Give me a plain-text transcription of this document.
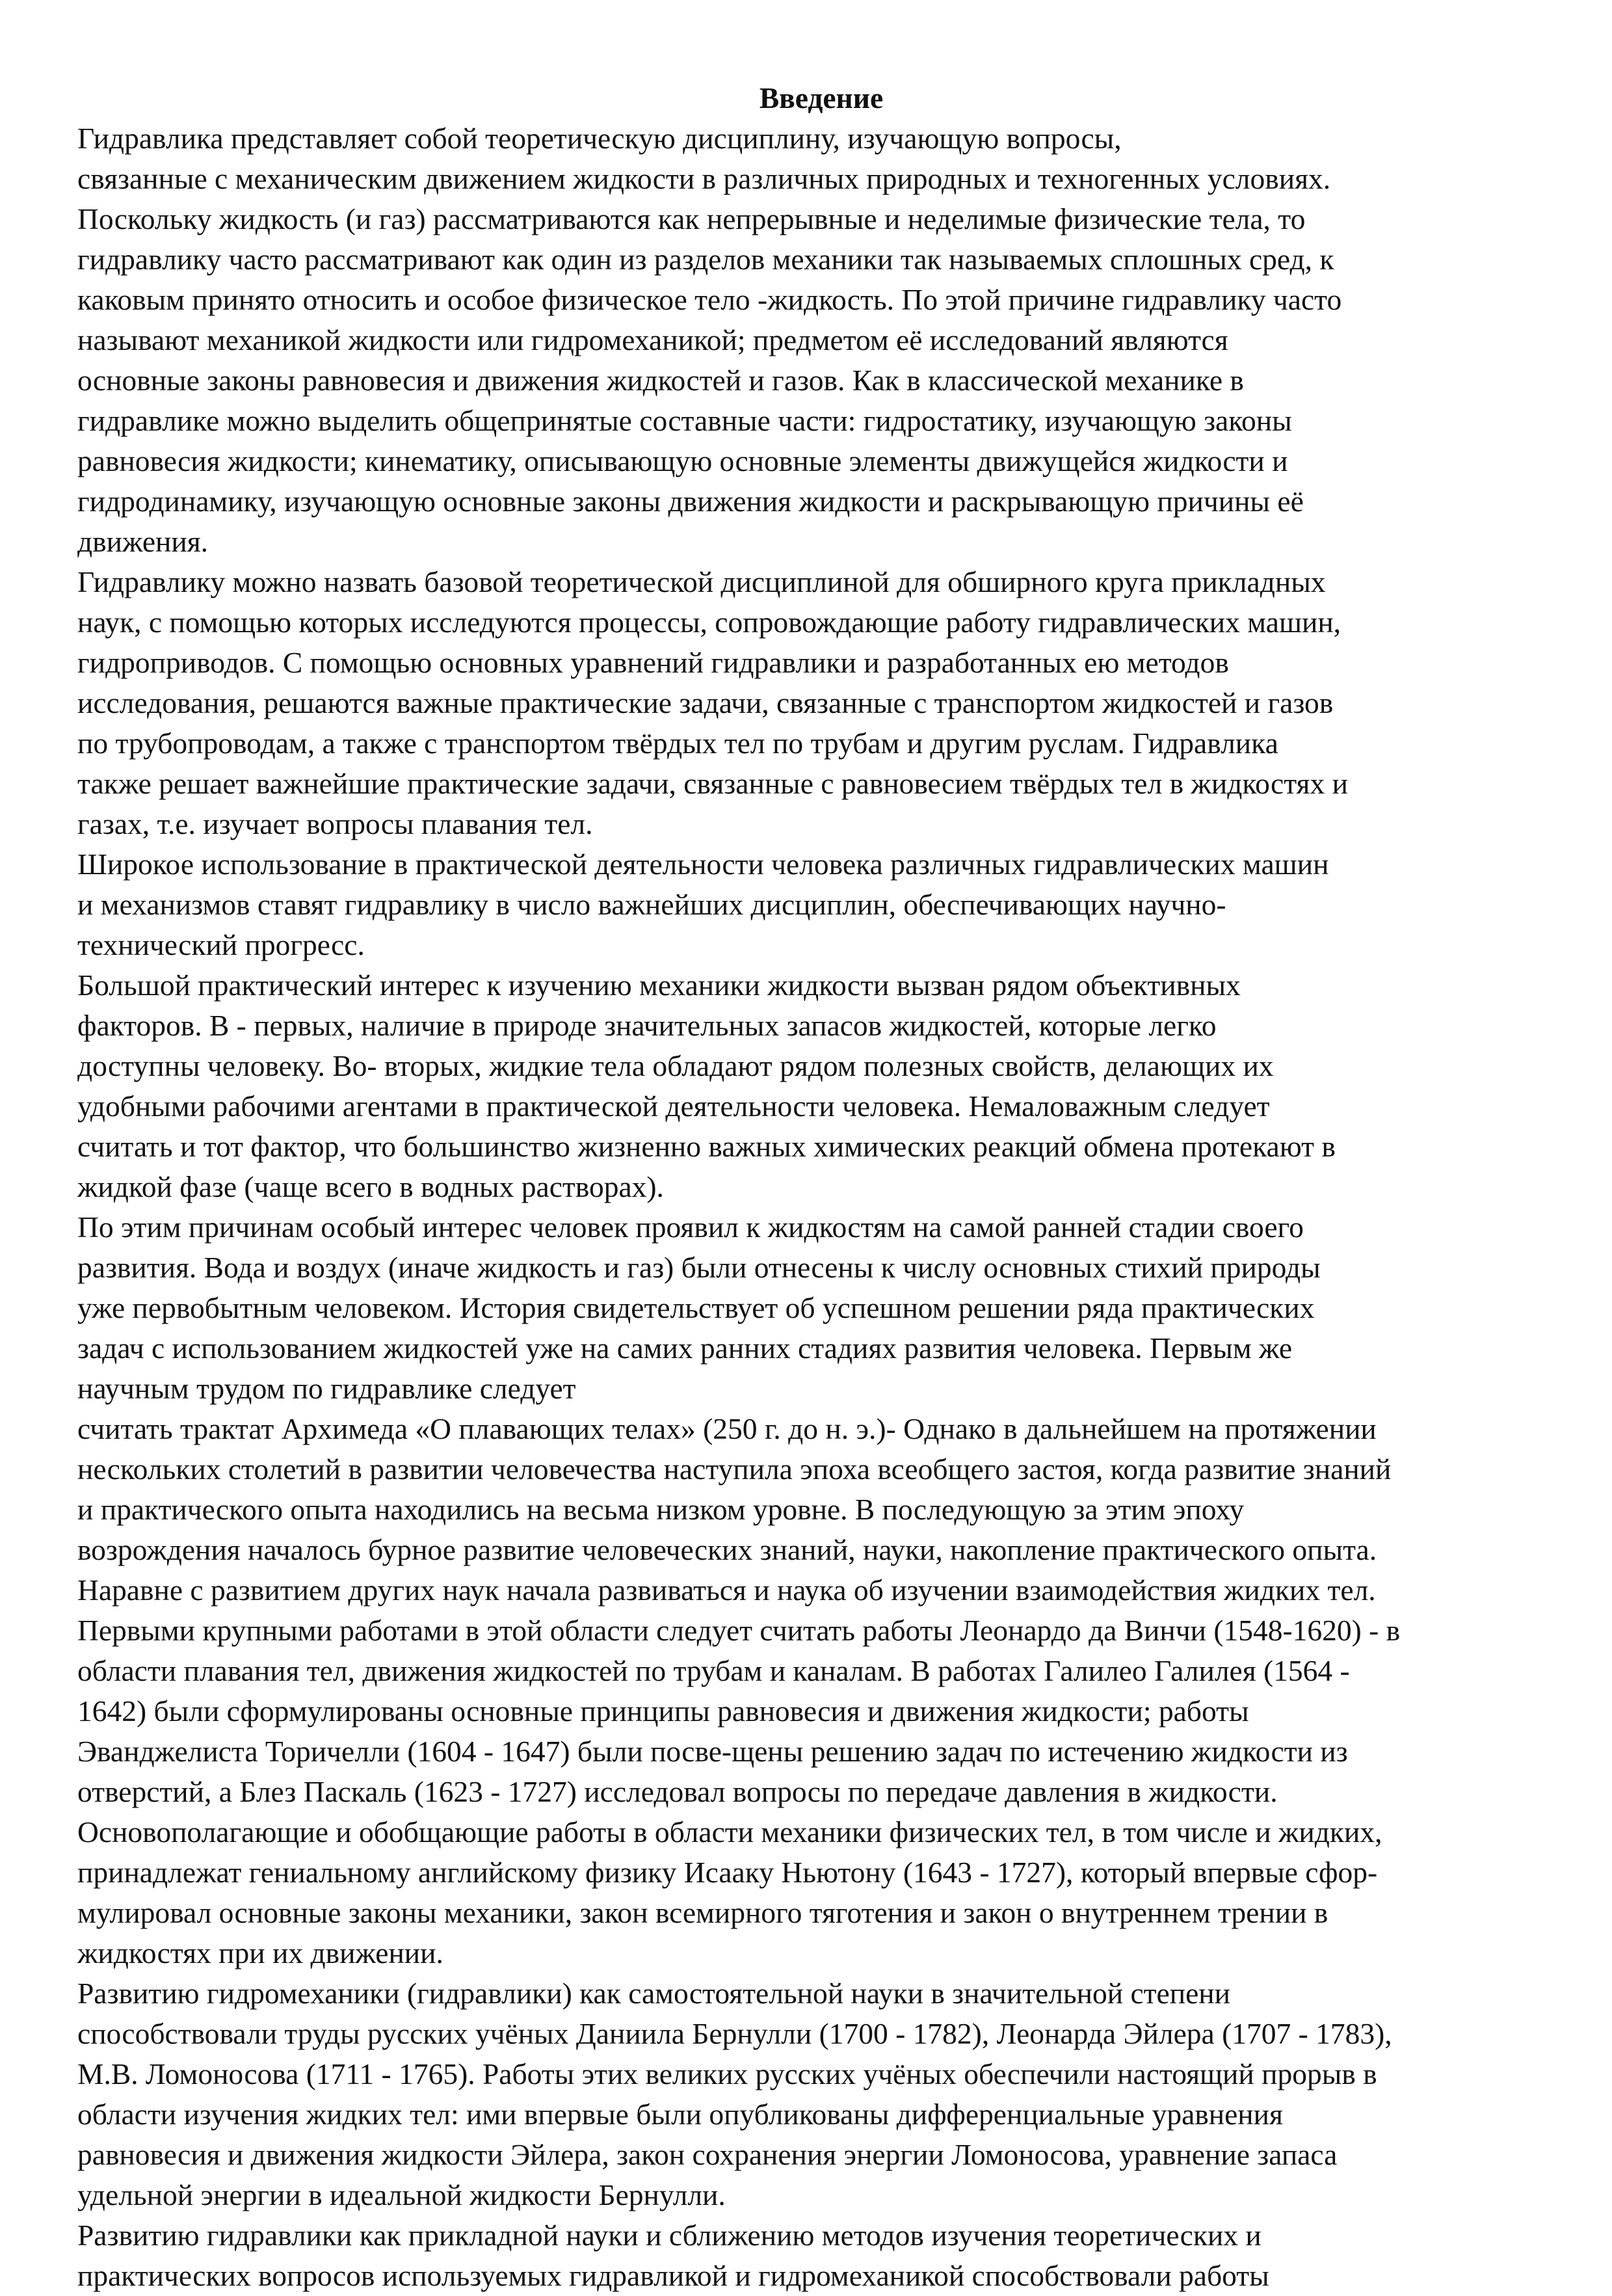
Введение
Гидравлика представляет собой теоретическую дисциплину, изучающую вопросы,
связанные с механическим движением жидкости в различных природных и техногенных условиях.
Поскольку жидкость (и газ) рассматриваются как непрерывные и неделимые физические тела, то
гидравлику часто рассматривают как один из разделов механики так называемых сплошных сред, к
каковым принято относить и особое физическое тело -жидкость. По этой причине гидравлику часто
называют механикой жидкости или гидромеханикой; предметом её исследований являются
основные законы равновесия и движения жидкостей и газов. Как в классической механике в
гидравлике можно выделить общепринятые составные части: гидростатику, изучающую законы
равновесия жидкости; кинематику, описывающую основные элементы движущейся жидкости и
гидродинамику, изучающую основные законы движения жидкости и раскрывающую причины её
движения.
Гидравлику можно назвать базовой теоретической дисциплиной для обширного круга прикладных
наук, с помощью которых исследуются процессы, сопровождающие работу гидравлических машин,
гидроприводов. С помощью основных уравнений гидравлики и разработанных ею методов
исследования, решаются важные практические задачи, связанные с транспортом жидкостей и газов
по трубопроводам, а также с транспортом твёрдых тел по трубам и другим руслам. Гидравлика
также решает важнейшие практические задачи, связанные с равновесием твёрдых тел в жидкостях и
газах, т.е. изучает вопросы плавания тел.
Широкое использование в практической деятельности человека различных гидравлических машин
и механизмов ставят гидравлику в число важнейших дисциплин, обеспечивающих научно-
технический прогресс.
Большой практический интерес к изучению механики жидкости вызван рядом объективных
факторов. В - первых, наличие в природе значительных запасов жидкостей, которые легко
доступны человеку. Во- вторых, жидкие тела обладают рядом полезных свойств, делающих их
удобными рабочими агентами в практической деятельности человека. Немаловажным следует
считать и тот фактор, что большинство жизненно важных химических реакций обмена протекают в
жидкой фазе (чаще всего в водных растворах).
По этим причинам особый интерес человек проявил к жидкостям на самой ранней стадии своего
развития. Вода и воздух (иначе жидкость и газ) были отнесены к числу основных стихий природы
уже первобытным человеком. История свидетельствует об успешном решении ряда практических
задач с использованием жидкостей уже на самих ранних стадиях развития человека. Первым же
научным трудом по гидравлике следует
считать трактат Архимеда «О плавающих телах» (250 г. до н. э.)- Однако в дальнейшем на протяжении
нескольких столетий в развитии человечества наступила эпоха всеобщего застоя, когда развитие знаний
и практического опыта находились на весьма низком уровне. В последующую за этим эпоху
возрождения началось бурное развитие человеческих знаний, науки, накопление практического опыта.
Наравне с развитием других наук начала развиваться и наука об изучении взаимодействия жидких тел.
Первыми крупными работами в этой области следует считать работы Леонардо да Винчи (1548-1620) - в
области плавания тел, движения жидкостей по трубам и каналам. В работах Галилео Галилея (1564 -
1642) были сформулированы основные принципы равновесия и движения жидкости; работы
Эванджелиста Торичелли (1604 - 1647) были посве-щены решению задач по истечению жидкости из
отверстий, а Блез Паскаль (1623 - 1727) исследовал вопросы по передаче давления в жидкости.
Основополагающие и обобщающие работы в области механики физических тел, в том числе и жидких,
принадлежат гениальному английскому физику Исааку Ньютону (1643 - 1727), который впервые сфор-
мулировал основные законы механики, закон всемирного тяготения и закон о внутреннем трении в
жидкостях при их движении.
Развитию гидромеханики (гидравлики) как самостоятельной науки в значительной степени
способствовали труды русских учёных Даниила Бернулли (1700 - 1782), Леонарда Эйлера (1707 - 1783),
М.В. Ломоносова (1711 - 1765). Работы этих великих русских учёных обеспечили настоящий прорыв в
области изучения жидких тел: ими впервые были опубликованы дифференциальные уравнения
равновесия и движения жидкости Эйлера, закон сохранения энергии Ломоносова, уравнение запаса
удельной энергии в идеальной жидкости Бернулли.
Развитию гидравлики как прикладной науки и сближению методов изучения теоретических и
практических вопросов используемых гидравликой и гидромеханикой способствовали работы
